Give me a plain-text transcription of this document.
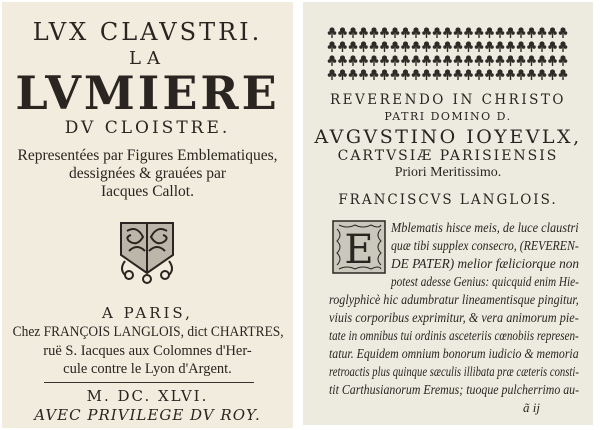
LVX CLAVSTRI.
LA
LVMIERE
DV CLOISTRE.
Representées par Figures Emblematiques,
dessignées & grauées par
Iacques Callot.
A PARIS,
Chez FRANÇOIS LANGLOIS, dict CHARTRES,
ruë S. Iacques aux Colomnes d'Her-
cule contre le Lyon d'Argent.
M. DC. XLVI.
AVEC PRIVILEGE DV ROY.
REVERENDO IN CHRISTO
PATRI DOMINO D.
AVGVSTINO IOYEVLX,
CARTVSIÆ PARISIENSIS
Priori Meritissimo.
FRANCISCVS LANGLOIS.
E Mblematis hisce meis, de luce claustri
quæ tibi supplex consecro, (REVEREN-
DE PATER) melior fæliciorque non
potest adesse Genius: quicquid enim Hie-
roglyphicè hic adumbratur lineamentisque pingitur,
viuis corporibus exprimitur, & vera animorum pie-
tate in omnibus tui ordinis asceteriis cœnobiis represen-
tatur. Equidem omnium bonorum iudicio & memoria
retroactis plus quinque sæculis illibata præ cæteris consti-
tit Carthusianorum Eremus; tuoque pulcherrimo au-
ã ij
